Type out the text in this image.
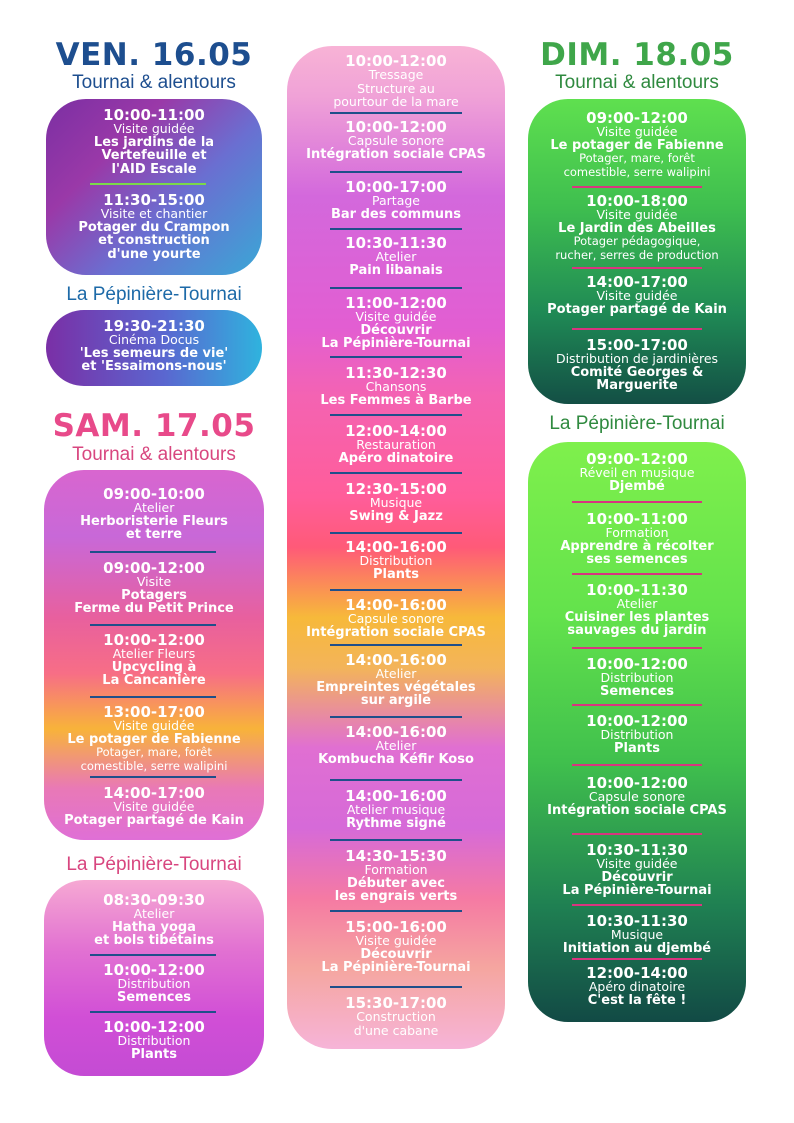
VEN. 16.05
Tournai & alentours
10:00-11:00
Visite guidée
Les jardins de la
Vertefeuille et
l'AID Escale
11:30-15:00
Visite et chantier
Potager du Crampon
et construction
d'une yourte
La Pépinière-Tournai
19:30-21:30
Cinéma Docus
'Les semeurs de vie'
et 'Essaimons-nous'
SAM. 17.05
Tournai & alentours
09:00-10:00
Atelier
Herboristerie Fleurs
et terre
09:00-12:00
Visite
Potagers
Ferme du Petit Prince
10:00-12:00
Atelier Fleurs
Upcycling à
La Cancanière
13:00-17:00
Visite guidée
Le potager de Fabienne
Potager, mare, forêt
comestible, serre walipini
14:00-17:00
Visite guidée
Potager partagé de Kain
La Pépinière-Tournai
08:30-09:30
Atelier
Hatha yoga
et bols tibétains
10:00-12:00
Distribution
Semences
10:00-12:00
Distribution
Plants
10:00-12:00
Tressage
Structure au
pourtour de la mare
10:00-12:00
Capsule sonore
Intégration sociale CPAS
10:00-17:00
Partage
Bar des communs
10:30-11:30
Atelier
Pain libanais
11:00-12:00
Visite guidée
Découvrir
La Pépinière-Tournai
11:30-12:30
Chansons
Les Femmes à Barbe
12:00-14:00
Restauration
Apéro dinatoire
12:30-15:00
Musique
Swing & Jazz
14:00-16:00
Distribution
Plants
14:00-16:00
Capsule sonore
Intégration sociale CPAS
14:00-16:00
Atelier
Empreintes végétales
sur argile
14:00-16:00
Atelier
Kombucha Kéfir Koso
14:00-16:00
Atelier musique
Rythme signé
14:30-15:30
Formation
Débuter avec
les engrais verts
15:00-16:00
Visite guidée
Découvrir
La Pépinière-Tournai
15:30-17:00
Construction
d'une cabane
DIM. 18.05
Tournai & alentours
09:00-12:00
Visite guidée
Le potager de Fabienne
Potager, mare, forêt
comestible, serre walipini
10:00-18:00
Visite guidée
Le Jardin des Abeilles
Potager pédagogique,
rucher, serres de production
14:00-17:00
Visite guidée
Potager partagé de Kain
15:00-17:00
Distribution de jardinières
Comité Georges &
Marguerite
La Pépinière-Tournai
09:00-12:00
Réveil en musique
Djembé
10:00-11:00
Formation
Apprendre à récolter
ses semences
10:00-11:30
Atelier
Cuisiner les plantes
sauvages du jardin
10:00-12:00
Distribution
Semences
10:00-12:00
Distribution
Plants
10:00-12:00
Capsule sonore
Intégration sociale CPAS
10:30-11:30
Visite guidée
Découvrir
La Pépinière-Tournai
10:30-11:30
Musique
Initiation au djembé
12:00-14:00
Apéro dinatoire
C'est la fête !
